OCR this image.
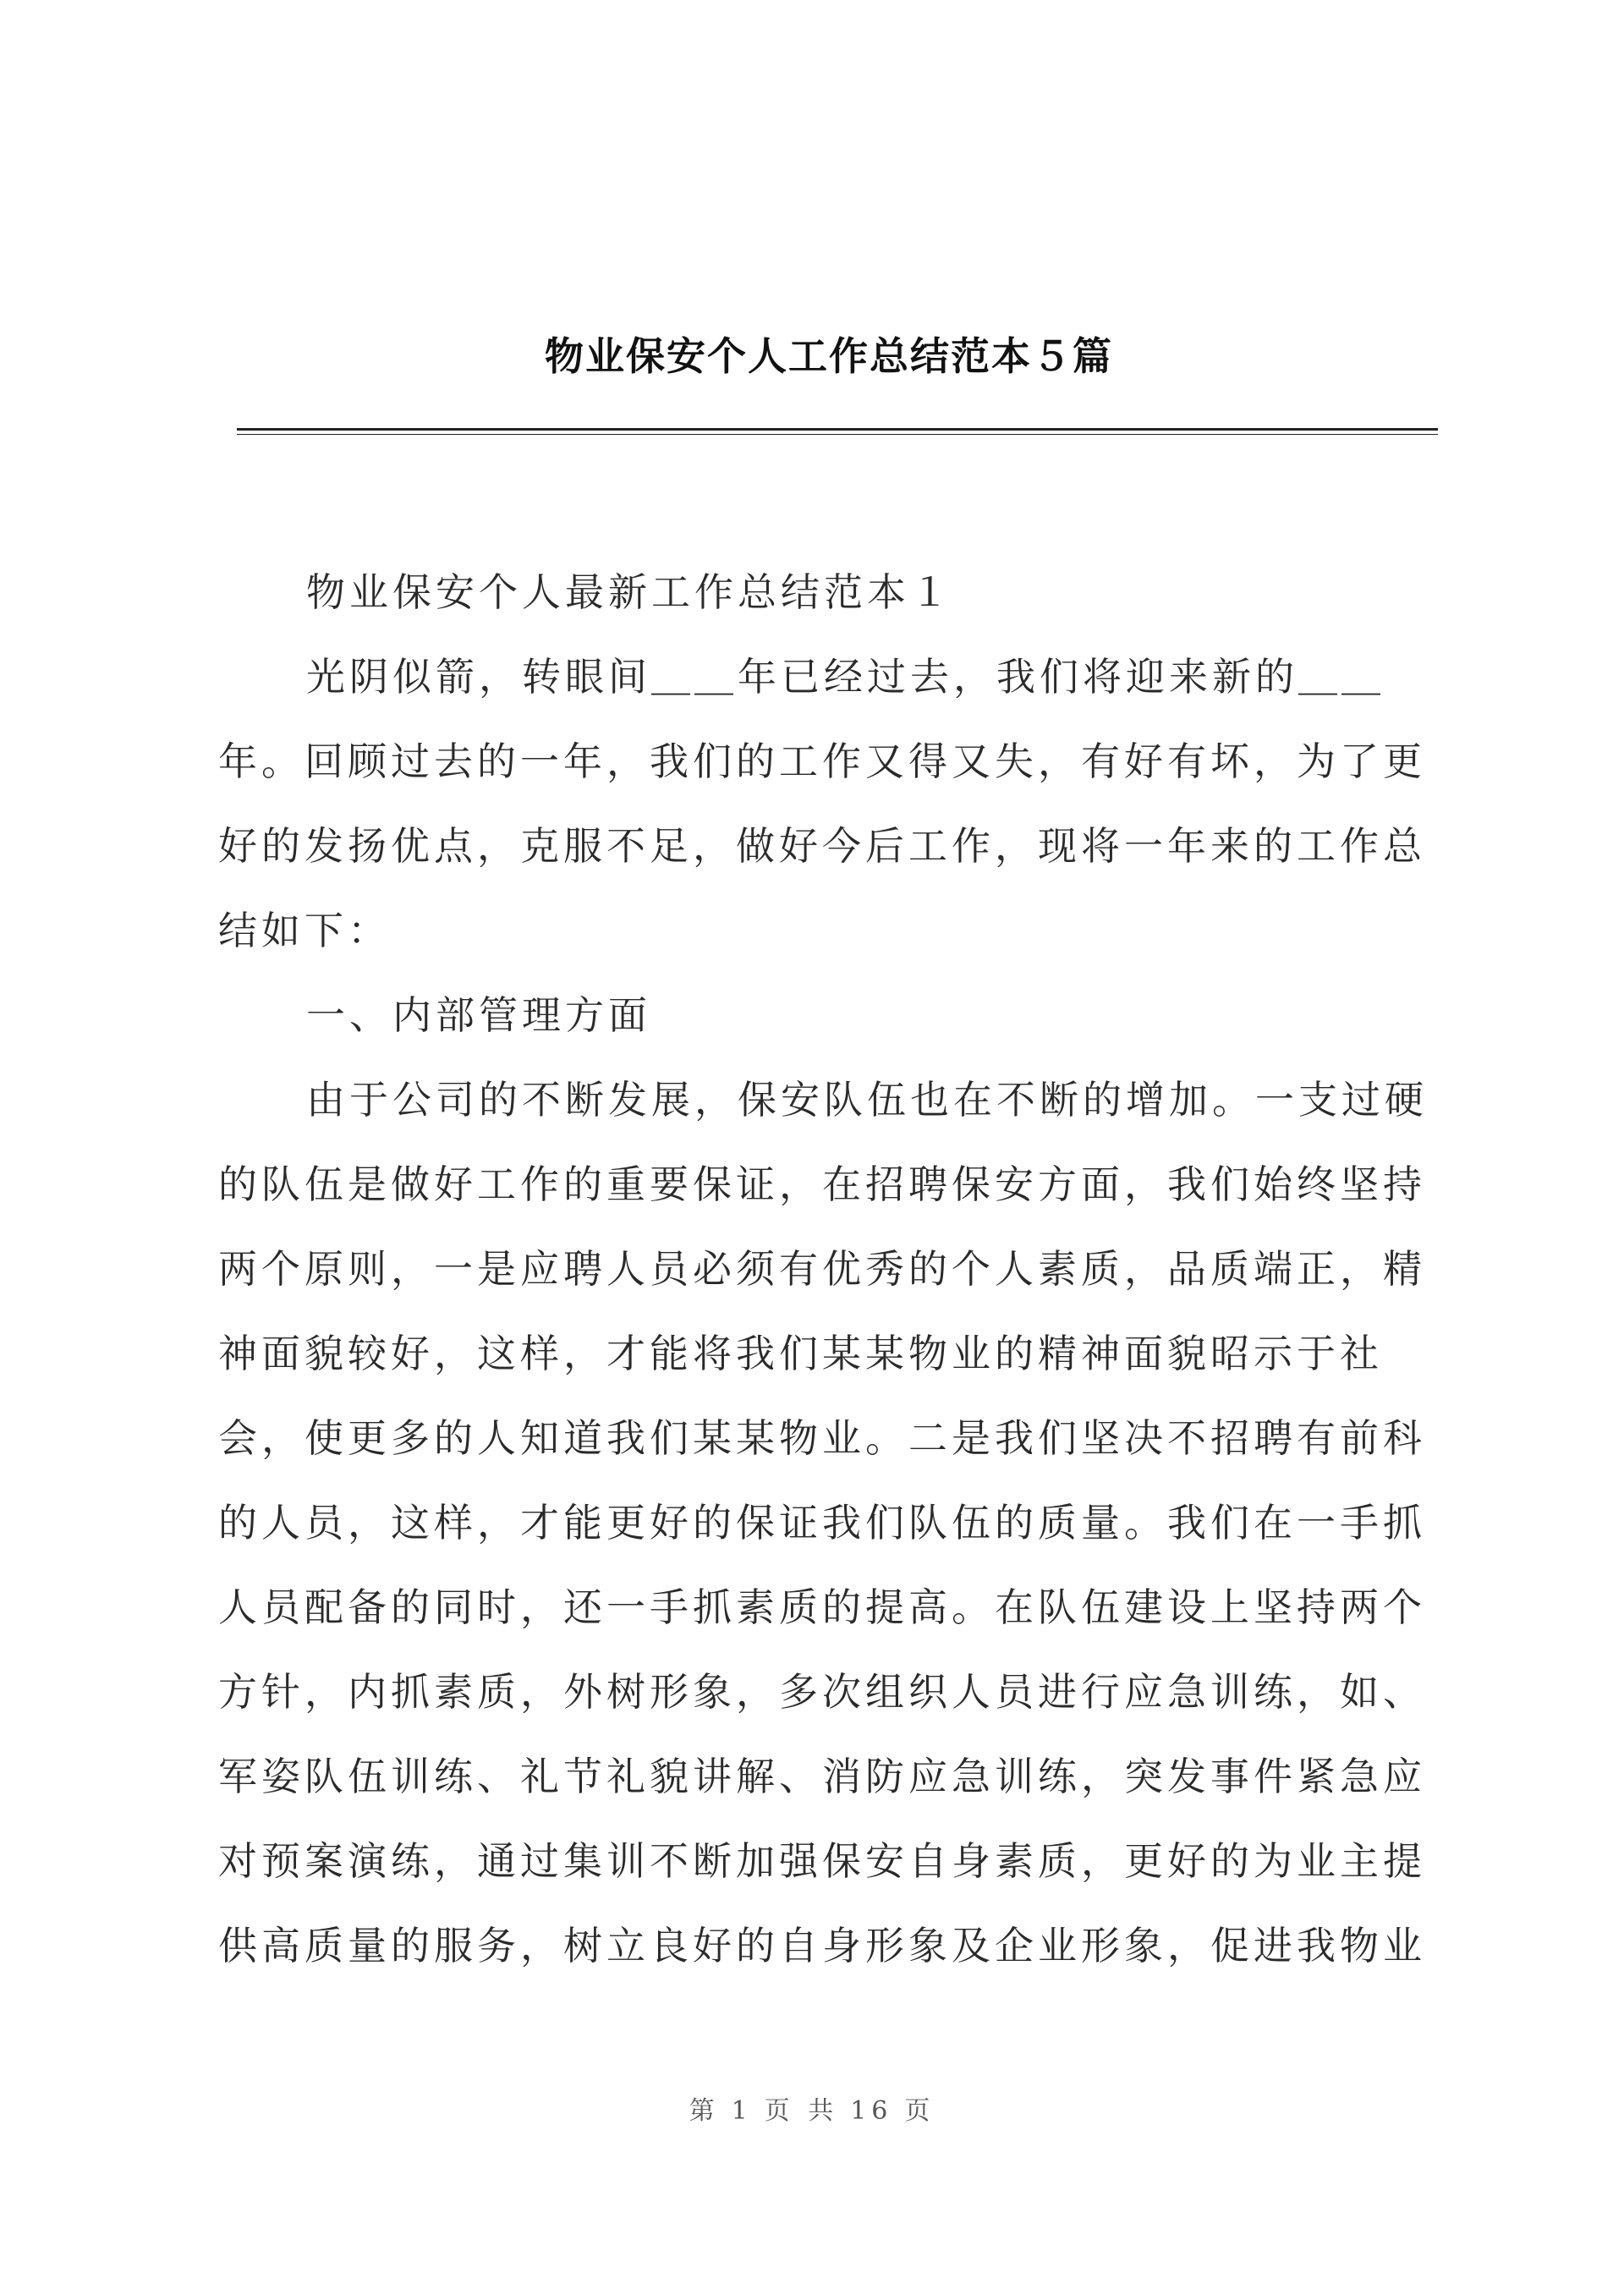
物业保安个人工作总结范本５篇

物业保安个人最新工作总结范本１

光阴似箭，转眼间＿＿年已经过去，我们将迎来新的＿＿年。回顾过去的一年，我们的工作又得又失，有好有坏，为了更好的发扬优点，克服不足，做好今后工作，现将一年来的工作总结如下：

一、内部管理方面

由于公司的不断发展，保安队伍也在不断的增加。一支过硬的队伍是做好工作的重要保证，在招聘保安方面，我们始终坚持两个原则，一是应聘人员必须有优秀的个人素质，品质端正，精神面貌较好，这样，才能将我们某某物业的精神面貌昭示于社会，使更多的人知道我们某某物业。二是我们坚决不招聘有前科的人员，这样，才能更好的保证我们队伍的质量。我们在一手抓人员配备的同时，还一手抓素质的提高。在队伍建设上坚持两个方针，内抓素质，外树形象，多次组织人员进行应急训练，如、军姿队伍训练、礼节礼貌讲解、消防应急训练，突发事件紧急应对预案演练，通过集训不断加强保安自身素质，更好的为业主提供高质量的服务，树立良好的自身形象及企业形象，促进我物业

第 1 页 共 16 页
